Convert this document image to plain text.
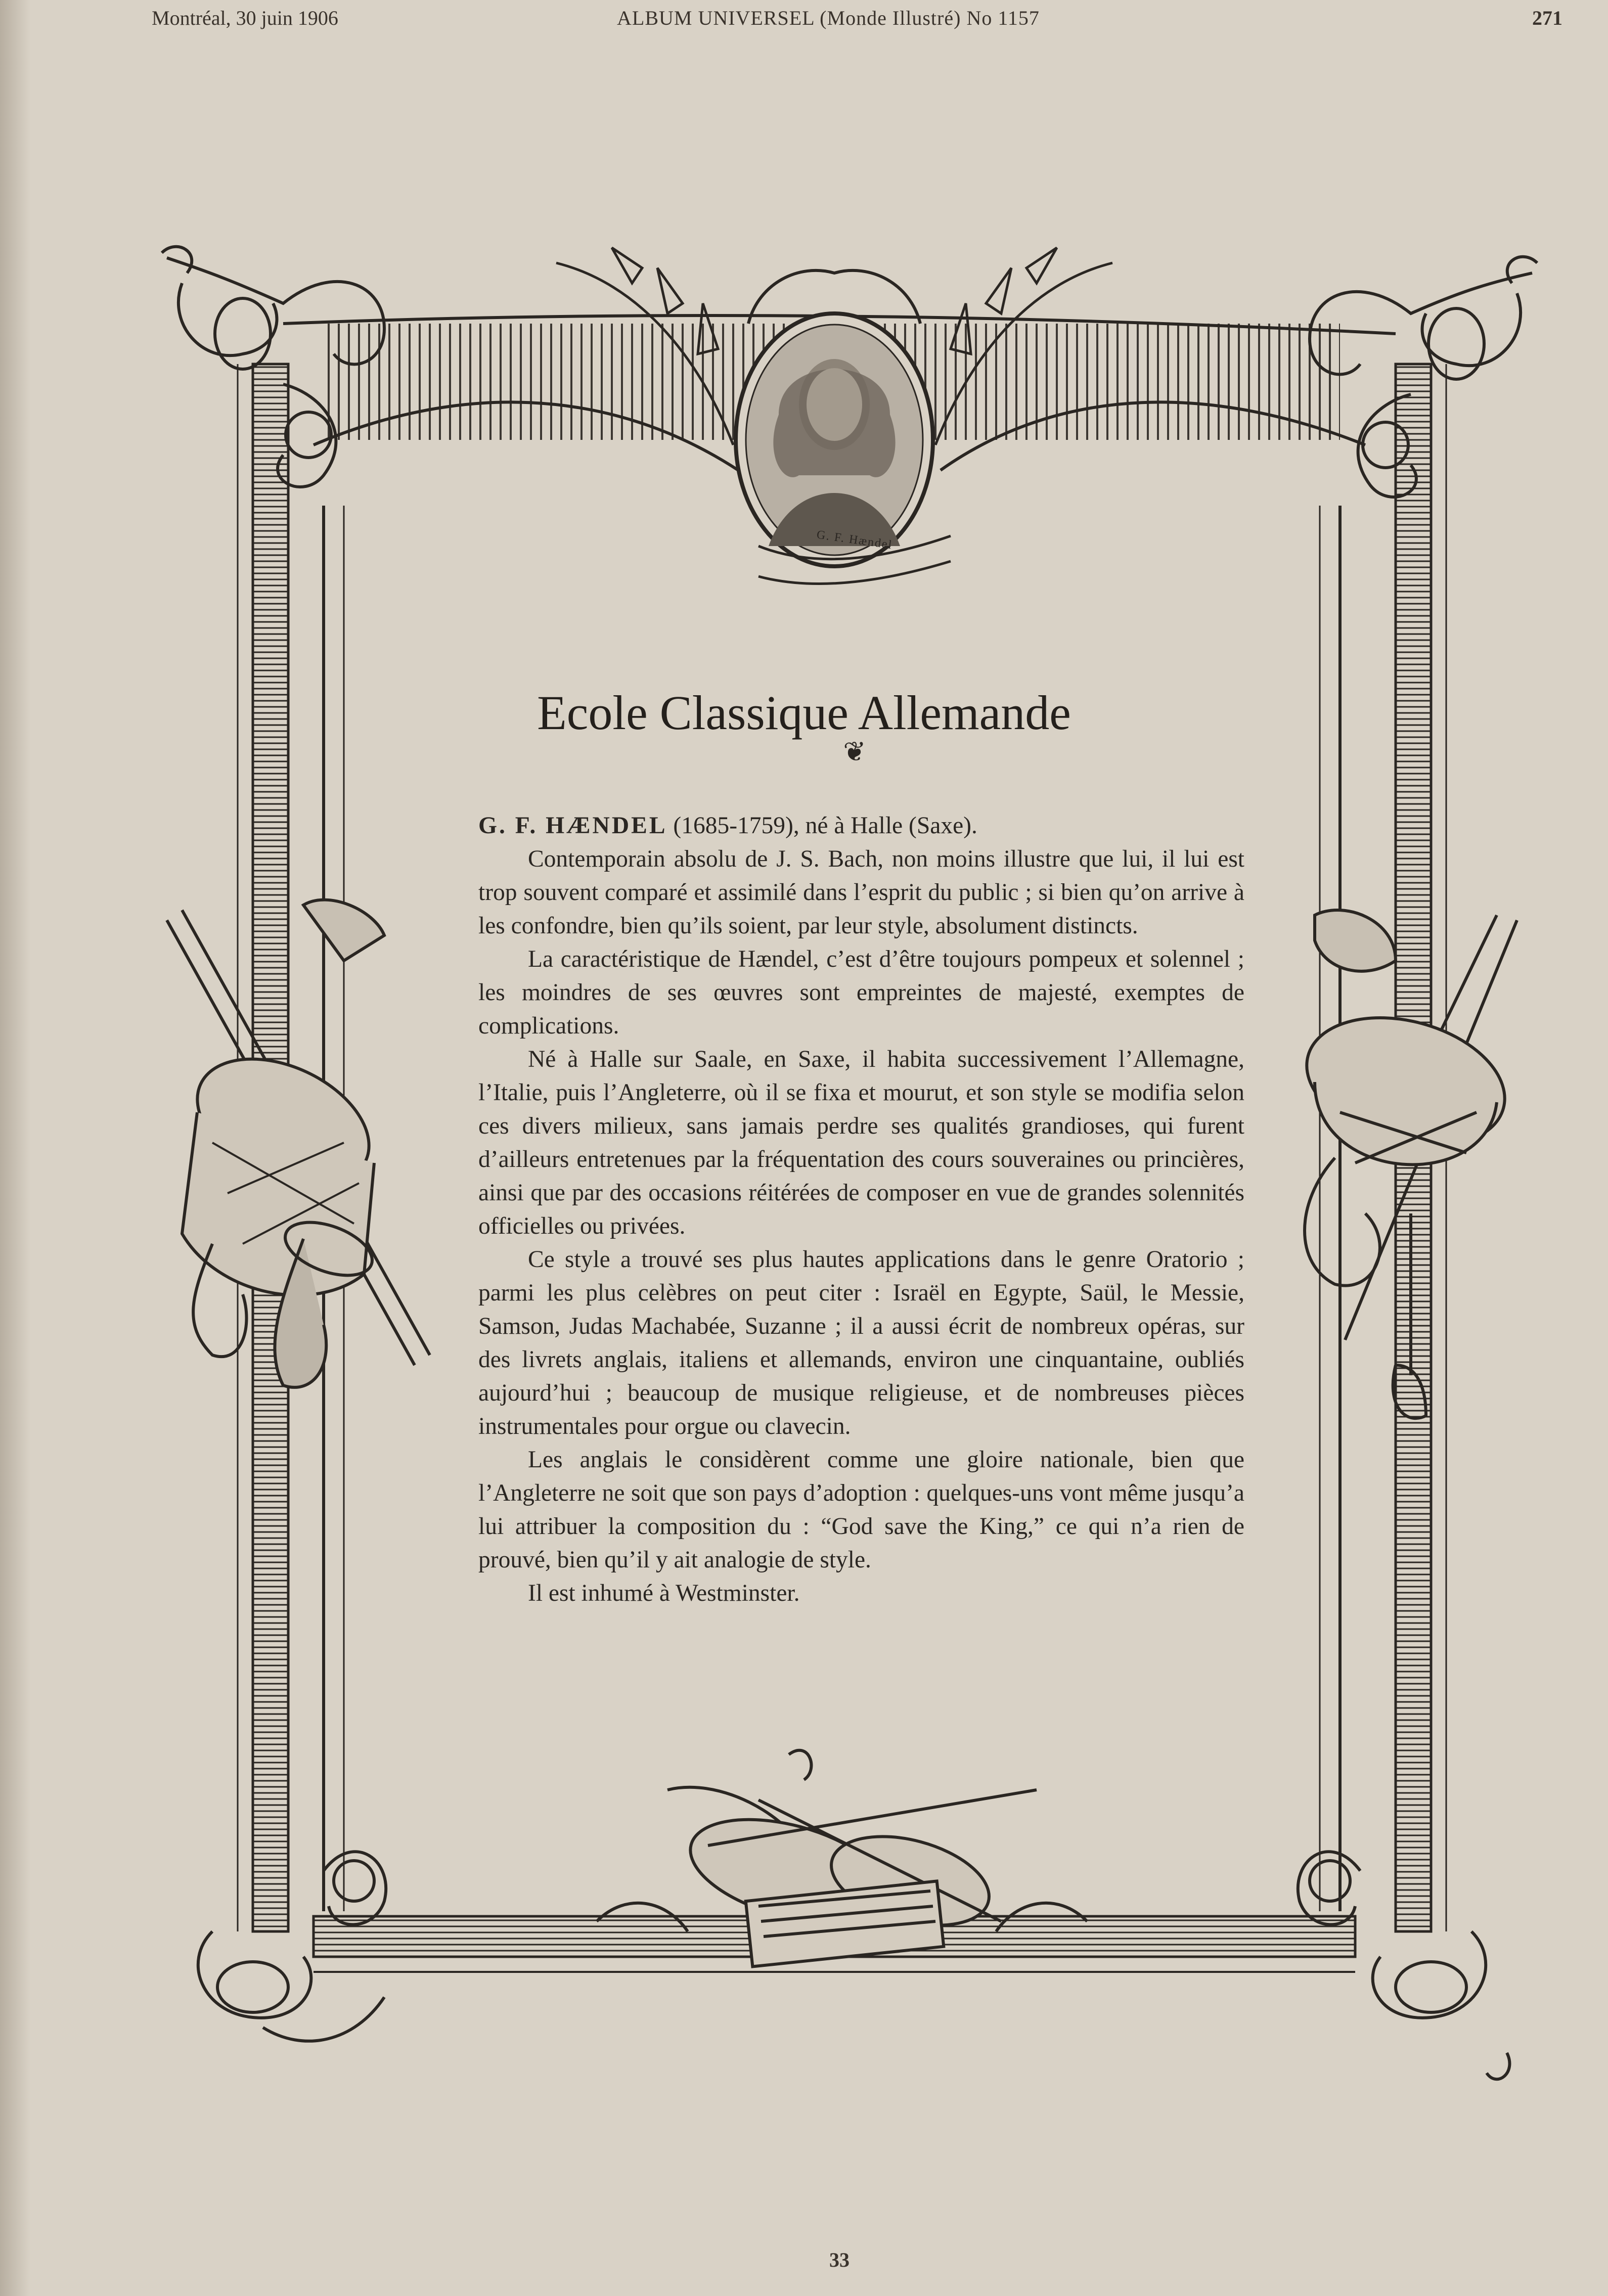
Montréal, 30 juin 1906	ALBUM UNIVERSEL (Monde Illustré) No 1157	271
G. F. Hændel
Ecole Classique Allemande
❦

G. F. HÆNDEL (1685-1759), né à Halle (Saxe).

Contemporain absolu de J. S. Bach, non moins illustre que lui, il lui est trop souvent comparé et assimilé dans l’esprit du public ; si bien qu’on arrive à les confondre, bien qu’ils soient, par leur style, absolument distincts.

La caractéristique de Hændel, c’est d’être toujours pompeux et solennel ; les moindres de ses œuvres sont empreintes de majesté, exemptes de complications.

Né à Halle sur Saale, en Saxe, il habita successivement l’Allemagne, l’Italie, puis l’Angleterre, où il se fixa et mourut, et son style se modifia selon ces divers milieux, sans jamais perdre ses qualités grandioses, qui furent d’ailleurs entretenues par la fréquentation des cours souveraines ou princières, ainsi que par des occasions réitérées de composer en vue de grandes solennités officielles ou privées.

Ce style a trouvé ses plus hautes applications dans le genre Oratorio ; parmi les plus celèbres on peut citer : Israël en Egypte, Saül, le Messie, Samson, Judas Machabée, Suzanne ; il a aussi écrit de nombreux opéras, sur des livrets anglais, italiens et allemands, environ une cinquantaine, oubliés aujourd’hui ; beaucoup de musique religieuse, et de nombreuses pièces instrumentales pour orgue ou clavecin.

Les anglais le considèrent comme une gloire nationale, bien que l’Angleterre ne soit que son pays d’adoption : quelques-uns vont même jusqu’a lui attribuer la composition du : “God save the King,” ce qui n’a rien de prouvé, bien qu’il y ait analogie de style.

Il est inhumé à Westminster.

33
